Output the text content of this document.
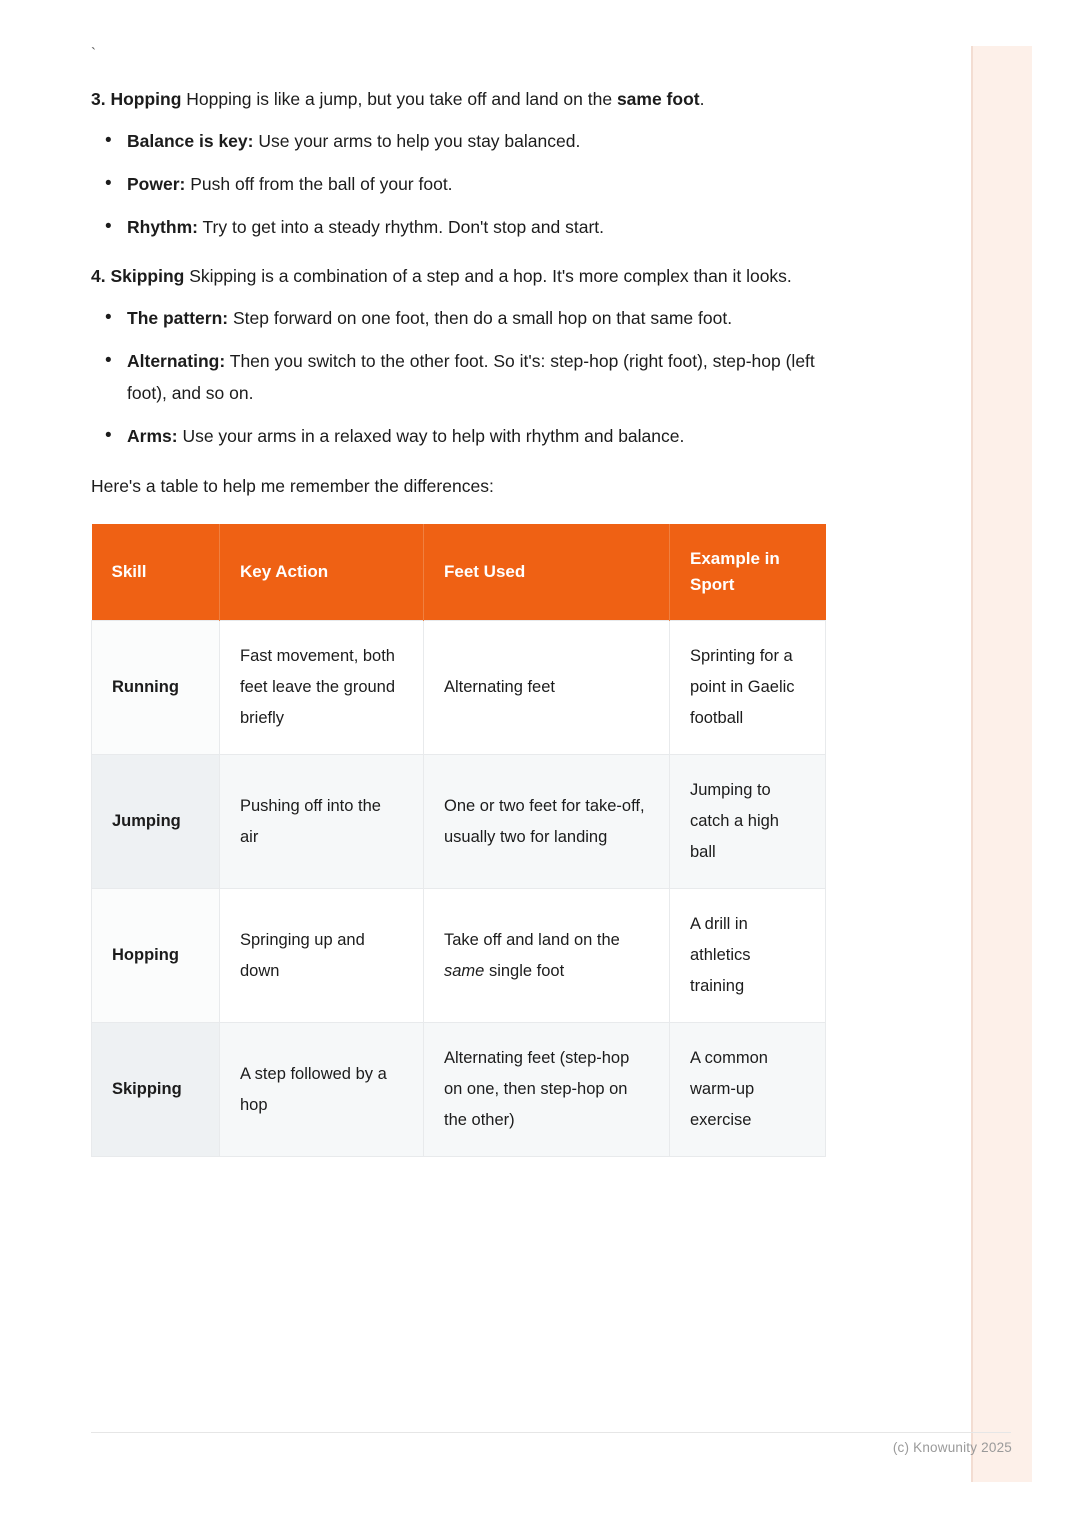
`

3. Hopping Hopping is like a jump, but you take off and land on the same foot.

• Balance is key: Use your arms to help you stay balanced.
• Power: Push off from the ball of your foot.
• Rhythm: Try to get into a steady rhythm. Don't stop and start.

4. Skipping Skipping is a combination of a step and a hop. It's more complex than it looks.

• The pattern: Step forward on one foot, then do a small hop on that same foot.
• Alternating: Then you switch to the other foot. So it's: step-hop (right foot), step-hop (left foot), and so on.
• Arms: Use your arms in a relaxed way to help with rhythm and balance.

Here's a table to help me remember the differences:

Skill	Key Action	Feet Used	Example in Sport
Running	Fast movement, both feet leave the ground briefly	Alternating feet	Sprinting for a point in Gaelic football
Jumping	Pushing off into the air	One or two feet for take-off, usually two for landing	Jumping to catch a high ball
Hopping	Springing up and down	Take off and land on the same single foot	A drill in athletics training
Skipping	A step followed by a hop	Alternating feet (step-hop on one, then step-hop on the other)	A common warm-up exercise
(c) Knowunity 2025
